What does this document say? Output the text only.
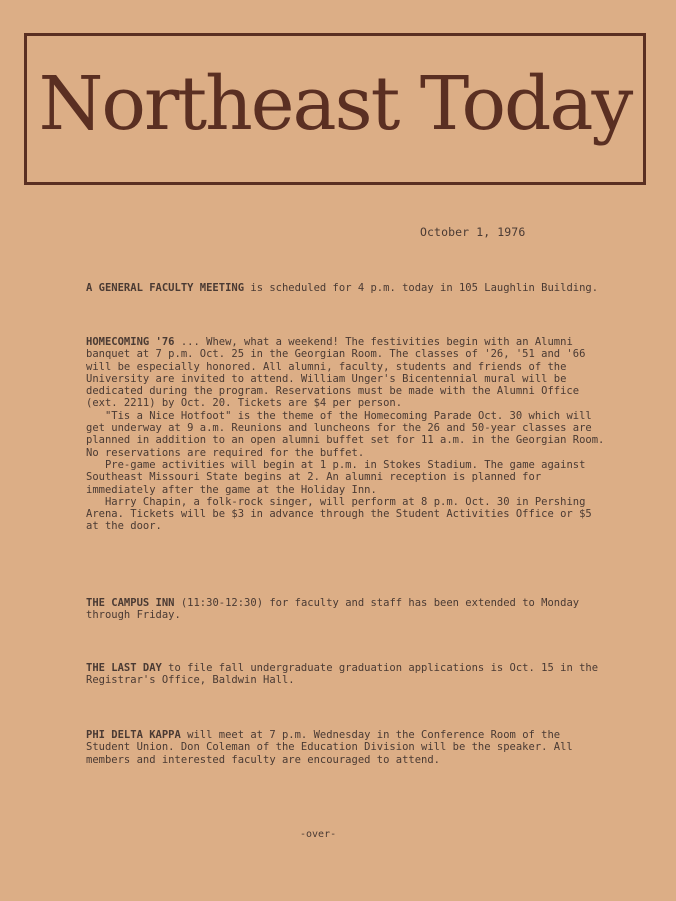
Northeast Today
October 1, 1976
A GENERAL FACULTY MEETING is scheduled for 4 p.m. today in 105 Laughlin Building.
HOMECOMING '76 ... Whew, what a weekend! The festivities begin with an Alumni banquet at 7 p.m. Oct. 25 in the Georgian Room. The classes of '26, '51 and '66 will be especially honored. All alumni, faculty, students and friends of the University are invited to attend. William Unger's Bicentennial mural will be dedicated during the program. Reservations must be made with the Alumni Office (ext. 2211) by Oct. 20. Tickets are $4 per person.
"Tis a Nice Hotfoot" is the theme of the Homecoming Parade Oct. 30 which will get underway at 9 a.m. Reunions and luncheons for the 26 and 50-year classes are planned in addition to an open alumni buffet set for 11 a.m. in the Georgian Room. No reservations are required for the buffet.
Pre-game activities will begin at 1 p.m. in Stokes Stadium. The game against Southeast Missouri State begins at 2. An alumni reception is planned for immediately after the game at the Holiday Inn.
Harry Chapin, a folk-rock singer, will perform at 8 p.m. Oct. 30 in Pershing Arena. Tickets will be $3 in advance through the Student Activities Office or $5 at the door.
THE CAMPUS INN (11:30-12:30) for faculty and staff has been extended to Monday through Friday.
THE LAST DAY to file fall undergraduate graduation applications is Oct. 15 in the Registrar's Office, Baldwin Hall.
PHI DELTA KAPPA will meet at 7 p.m. Wednesday in the Conference Room of the Student Union. Don Coleman of the Education Division will be the speaker. All members and interested faculty are encouraged to attend.
-over-
